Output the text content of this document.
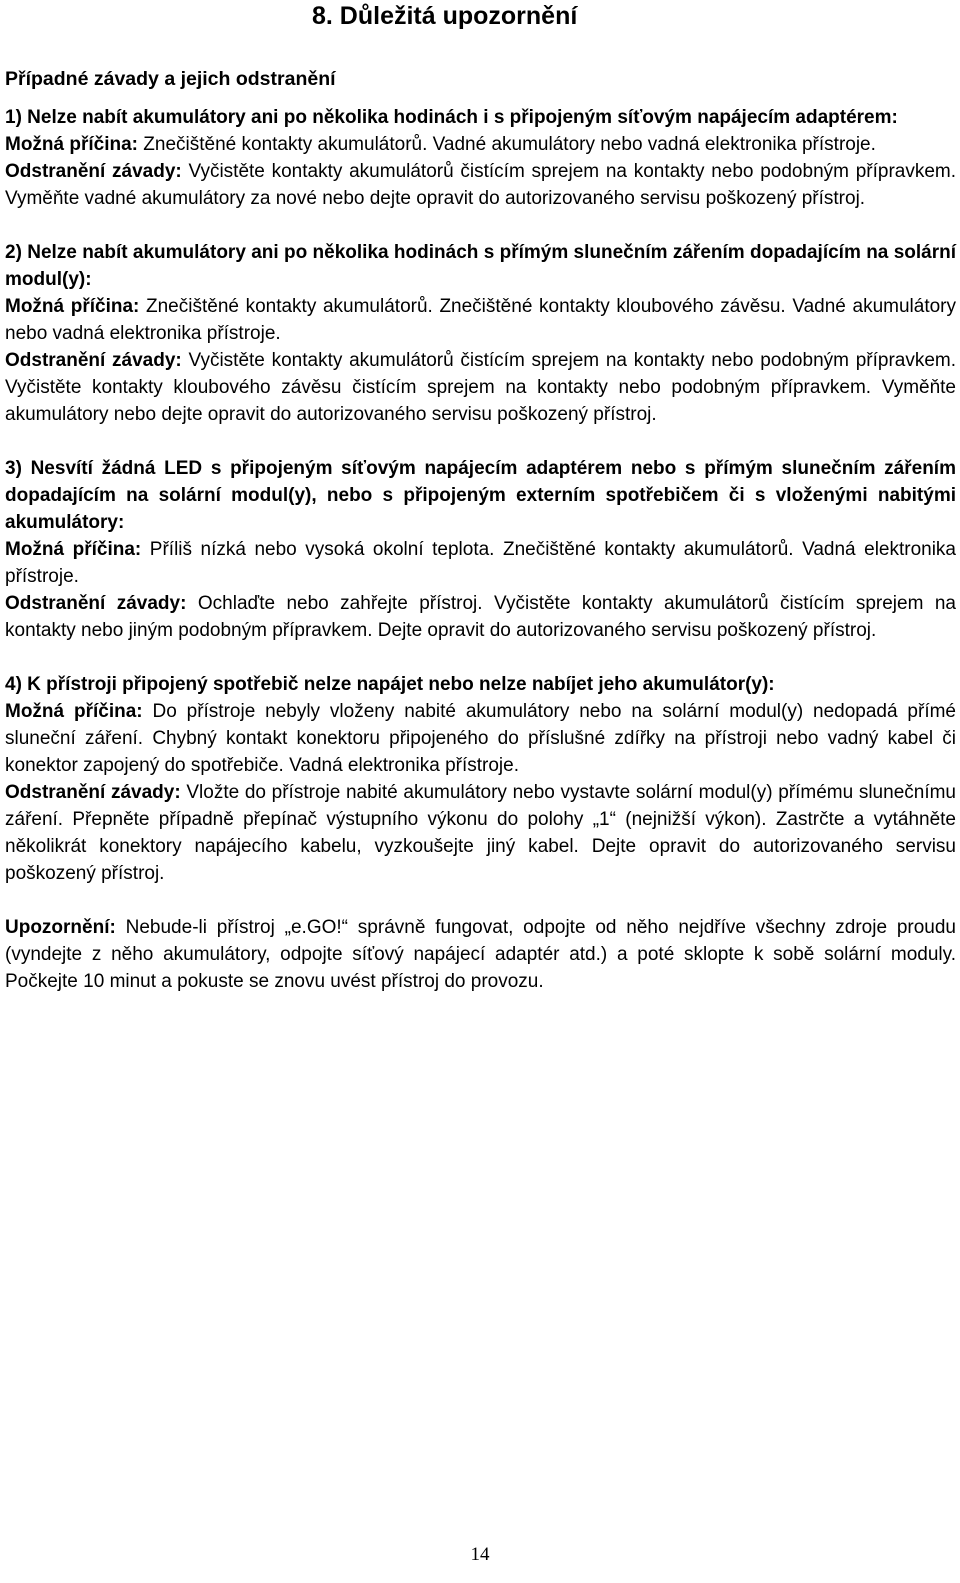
8. Důležitá upozornění
Případné závady a jejich odstranění

1) Nelze nabít akumulátory ani po několika hodinách i s připojeným síťovým napájecím adaptérem:
Možná příčina: Znečištěné kontakty akumulátorů. Vadné akumulátory nebo vadná elektronika přístroje.
Odstranění závady: Vyčistěte kontakty akumulátorů čistícím sprejem na kontakty nebo podobným přípravkem. Vyměňte vadné akumulátory za nové nebo dejte opravit do autorizovaného servisu poškozený přístroj.

2) Nelze nabít akumulátory ani po několika hodinách s přímým slunečním zářením dopadajícím na solární modul(y):
Možná příčina: Znečištěné kontakty akumulátorů. Znečištěné kontakty kloubového závěsu. Vadné akumulátory nebo vadná elektronika přístroje.
Odstranění závady: Vyčistěte kontakty akumulátorů čistícím sprejem na kontakty nebo podobným přípravkem. Vyčistěte kontakty kloubového závěsu čistícím sprejem na kontakty nebo podobným přípravkem. Vyměňte akumulátory nebo dejte opravit do autorizovaného servisu poškozený přístroj.

3) Nesvítí žádná LED s připojeným síťovým napájecím adaptérem nebo s přímým slunečním zářením dopadajícím na solární modul(y), nebo s připojeným externím spotřebičem či s vloženými nabitými akumulátory:
Možná příčina: Příliš nízká nebo vysoká okolní teplota. Znečištěné kontakty akumulátorů. Vadná elektronika přístroje.
Odstranění závady: Ochlaďte nebo zahřejte přístroj. Vyčistěte kontakty akumulátorů čistícím sprejem na kontakty nebo jiným podobným přípravkem. Dejte opravit do autorizovaného servisu poškozený přístroj.

4) K přístroji připojený spotřebič nelze napájet nebo nelze nabíjet jeho akumulátor(y):
Možná příčina: Do přístroje nebyly vloženy nabité akumulátory nebo na solární modul(y) nedopadá přímé sluneční záření. Chybný kontakt konektoru připojeného do příslušné zdířky na přístroji nebo vadný kabel či konektor zapojený do spotřebiče. Vadná elektronika přístroje.
Odstranění závady: Vložte do přístroje nabité akumulátory nebo vystavte solární modul(y) přímému slunečnímu záření. Přepněte případně přepínač výstupního výkonu do polohy „1“ (nejnižší výkon). Zastrčte a vytáhněte několikrát konektory napájecího kabelu, vyzkoušejte jiný kabel. Dejte opravit do autorizovaného servisu poškozený přístroj.

Upozornění: Nebude-li přístroj „e.GO!“ správně fungovat, odpojte od něho nejdříve všechny zdroje proudu (vyndejte z něho akumulátory, odpojte síťový napájecí adaptér atd.) a poté sklopte k sobě solární moduly. Počkejte 10 minut a pokuste se znovu uvést přístroj do provozu.

14
